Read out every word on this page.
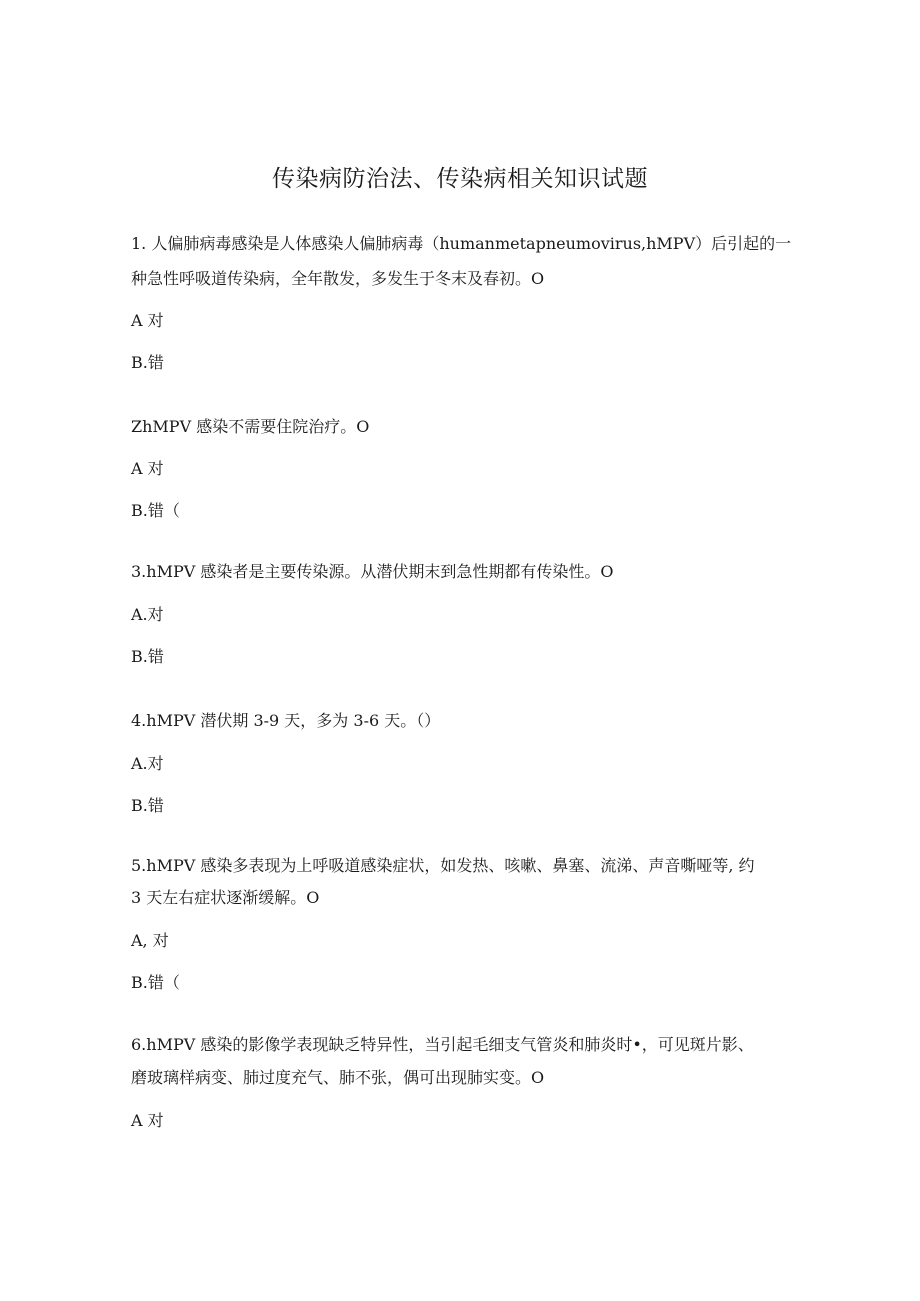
传染病防治法、传染病相关知识试题
1. 人偏肺病毒感染是人体感染人偏肺病毒（humanmetapneumovirus,hMPV）后引起的一
种急性呼吸道传染病，全年散发，多发生于冬末及春初。O
A 对
B.错
ZhMPV 感染不需要住院治疗。O
A 对
B.错（
3.hMPV 感染者是主要传染源。从潜伏期末到急性期都有传染性。O
A.对
B.错
4.hMPV 潜伏期 3-9 天，多为 3-6 天。（）
A.对
B.错
5.hMPV 感染多表现为上呼吸道感染症状，如发热、咳嗽、鼻塞、流涕、声音嘶哑等, 约
3 天左右症状逐渐缓解。O
A, 对
B.错（
6.hMPV 感染的影像学表现缺乏特异性，当引起毛细支气管炎和肺炎时•，可见斑片影、
磨玻璃样病变、肺过度充气、肺不张，偶可出现肺实变。O
A 对
